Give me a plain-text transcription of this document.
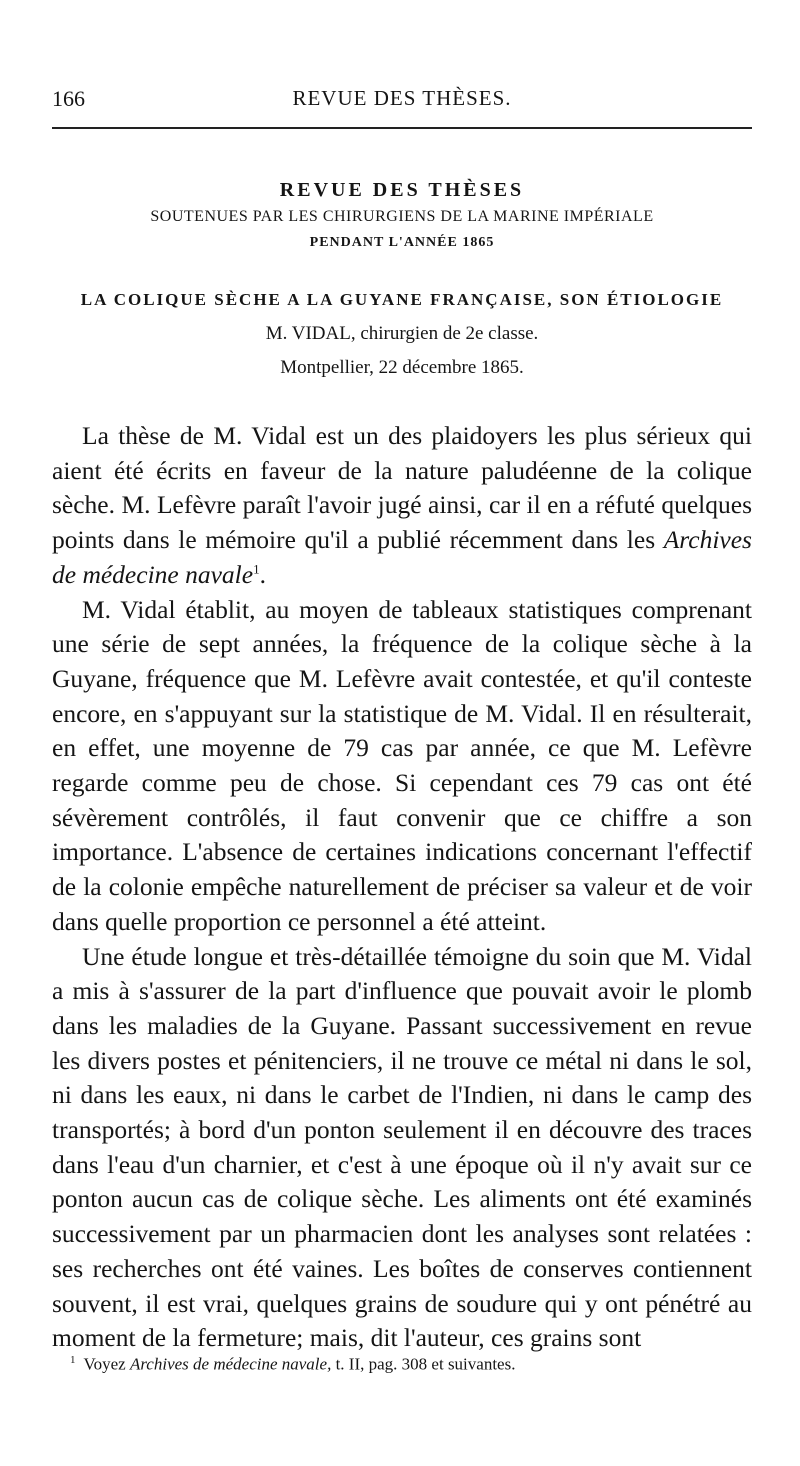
166	REVUE DES THÈSES.
REVUE DES THÈSES
SOUTENUES PAR LES CHIRURGIENS DE LA MARINE IMPÉRIALE
PENDANT L'ANNÉE 1865
LA COLIQUE SÈCHE A LA GUYANE FRANÇAISE, SON ÉTIOLOGIE
M. VIDAL, chirurgien de 2e classe.
Montpellier, 22 décembre 1865.

La thèse de M. Vidal est un des plaidoyers les plus sérieux qui aient été écrits en faveur de la nature paludéenne de la colique sèche. M. Lefèvre paraît l'avoir jugé ainsi, car il en a réfuté quelques points dans le mémoire qu'il a publié récemment dans les Archives de médecine navale$^1$.

M. Vidal établit, au moyen de tableaux statistiques comprenant une série de sept années, la fréquence de la colique sèche à la Guyane, fréquence que M. Lefèvre avait contestée, et qu'il conteste encore, en s'appuyant sur la statistique de M. Vidal. Il en résulterait, en effet, une moyenne de 79 cas par année, ce que M. Lefèvre regarde comme peu de chose. Si cependant ces 79 cas ont été sévèrement contrôlés, il faut convenir que ce chiffre a son importance. L'absence de certaines indications concernant l'effectif de la colonie empêche naturellement de préciser sa valeur et de voir dans quelle proportion ce personnel a été atteint.

Une étude longue et très-détaillée témoigne du soin que M. Vidal a mis à s'assurer de la part d'influence que pouvait avoir le plomb dans les maladies de la Guyane. Passant successivement en revue les divers postes et pénitenciers, il ne trouve ce métal ni dans le sol, ni dans les eaux, ni dans le carbet de l'Indien, ni dans le camp des transportés; à bord d'un ponton seulement il en découvre des traces dans l'eau d'un charnier, et c'est à une époque où il n'y avait sur ce ponton aucun cas de colique sèche. Les aliments ont été examinés successivement par un pharmacien dont les analyses sont relatées : ses recherches ont été vaines. Les boîtes de conserves contiennent souvent, il est vrai, quelques grains de soudure qui y ont pénétré au moment de la fermeture; mais, dit l'auteur, ces grains sont

$^1$ Voyez Archives de médecine navale, t. II, pag. 308 et suivantes.
